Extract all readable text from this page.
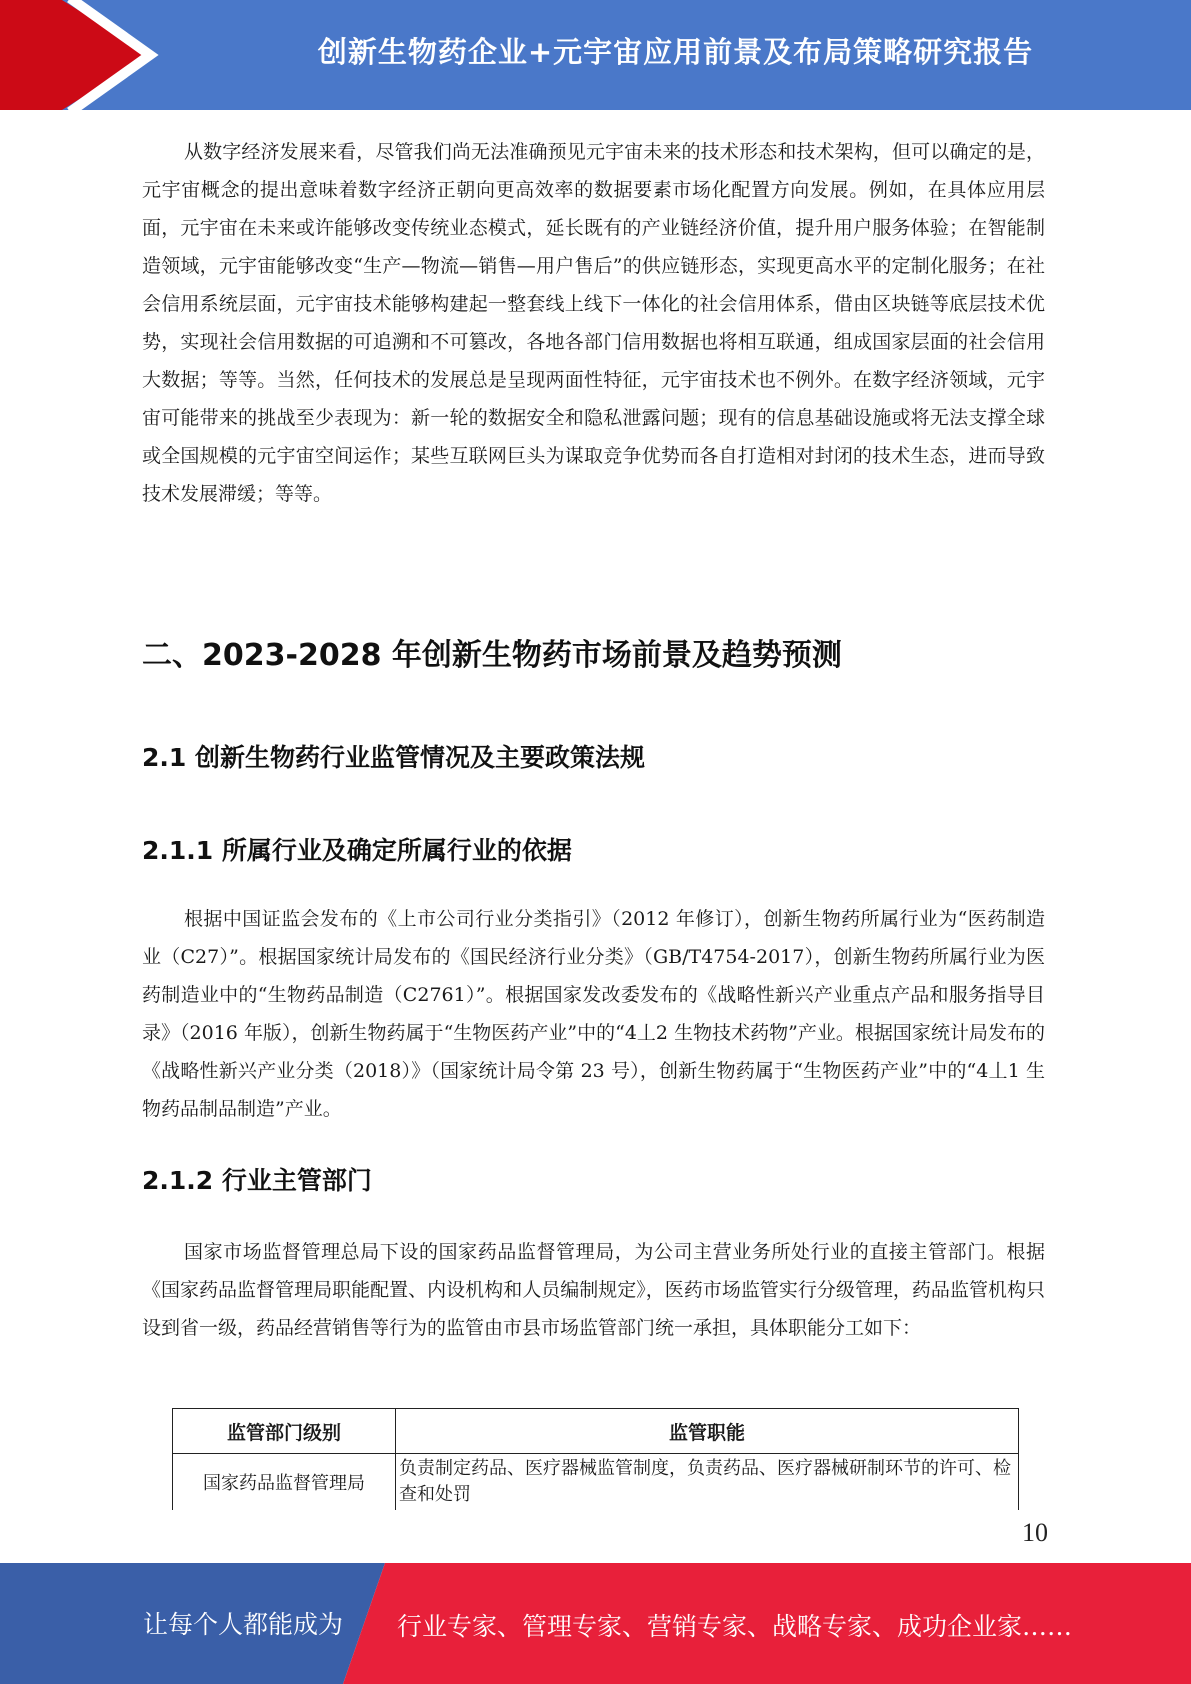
创新生物药企业+元宇宙应用前景及布局策略研究报告

从数字经济发展来看，尽管我们尚无法准确预见元宇宙未来的技术形态和技术架构，但可以确定的是，元宇宙概念的提出意味着数字经济正朝向更高效率的数据要素市场化配置方向发展。例如，在具体应用层面，元宇宙在未来或许能够改变传统业态模式，延长既有的产业链经济价值，提升用户服务体验；在智能制造领域，元宇宙能够改变“生产—物流—销售—用户售后”的供应链形态，实现更高水平的定制化服务；在社会信用系统层面，元宇宙技术能够构建起一整套线上线下一体化的社会信用体系，借由区块链等底层技术优势，实现社会信用数据的可追溯和不可篡改，各地各部门信用数据也将相互联通，组成国家层面的社会信用大数据；等等。当然，任何技术的发展总是呈现两面性特征，元宇宙技术也不例外。在数字经济领域，元宇宙可能带来的挑战至少表现为：新一轮的数据安全和隐私泄露问题；现有的信息基础设施或将无法支撑全球或全国规模的元宇宙空间运作；某些互联网巨头为谋取竞争优势而各自打造相对封闭的技术生态，进而导致技术发展滞缓；等等。

二、2023-2028 年创新生物药市场前景及趋势预测
2.1 创新生物药行业监管情况及主要政策法规
2.1.1 所属行业及确定所属行业的依据

根据中国证监会发布的《上市公司行业分类指引》（2012 年修订），创新生物药所属行业为“医药制造业（C27）”。根据国家统计局发布的《国民经济行业分类》（GB/T4754-2017），创新生物药所属行业为医药制造业中的“生物药品制造（C2761）”。根据国家发改委发布的《战略性新兴产业重点产品和服务指导目录》（2016 年版），创新生物药属于“生物医药产业”中的“4丄2 生物技术药物”产业。根据国家统计局发布的《战略性新兴产业分类（2018）》（国家统计局令第 23 号），创新生物药属于“生物医药产业”中的“4丄1 生物药品制品制造”产业。

2.1.2 行业主管部门

国家市场监督管理总局下设的国家药品监督管理局，为公司主营业务所处行业的直接主管部门。根据《国家药品监督管理局职能配置、内设机构和人员编制规定》，医药市场监管实行分级管理，药品监管机构只设到省一级，药品经营销售等行为的监管由市县市场监管部门统一承担，具体职能分工如下：

监管部门级别	监管职能
国家药品监督管理局	负责制定药品、医疗器械监管制度，负责药品、医疗器械研制环节的许可、检查和处罚
10
让每个人都能成为 行业专家、管理专家、营销专家、战略专家、成功企业家……
